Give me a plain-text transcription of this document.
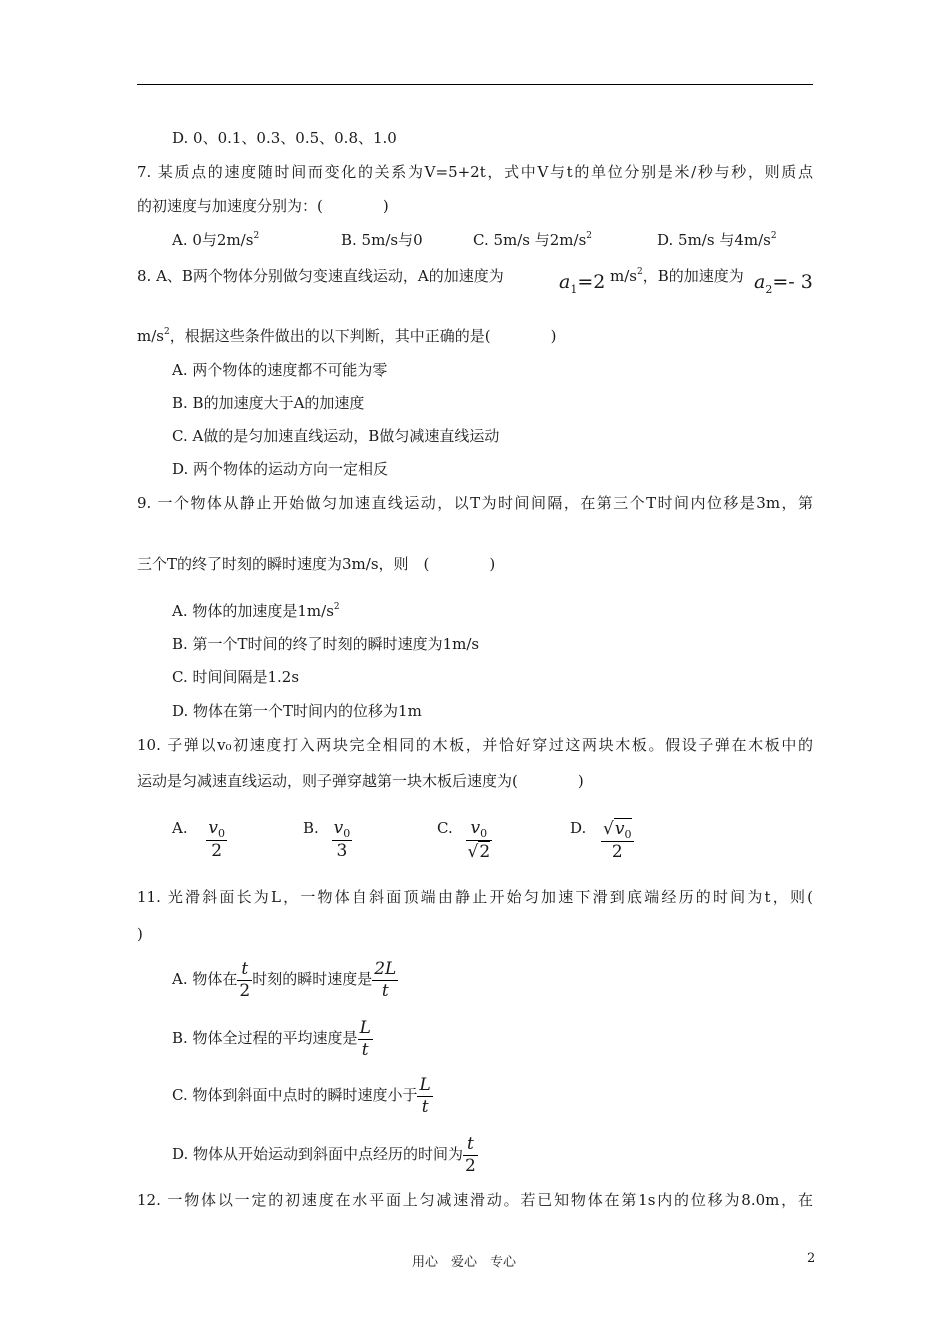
D. 0、0.1、0.3、0.5、0.8、1.0
7. 某质点的速度随时间而变化的关系为V=5+2t，式中V与t的单位分别是米/秒与秒，则质点
的初速度与加速度分别为：(　　　　)
A. 0与$2m/s^2$	B. 5m/s与0	C. 5m/s 与$2m/s^2$	D. 5m/s 与$4m/s^2$
8. A、B两个物体分别做匀变速直线运动，A的加速度为	$a_1=2$ $m/s^2$，B的加速度为 $a_2=-$ 3
$m/s^2$，根据这些条件做出的以下判断，其中正确的是(　　　　)
A. 两个物体的速度都不可能为零
B. B的加速度大于A的加速度
C. A做的是匀加速直线运动，B做匀减速直线运动
D. 两个物体的运动方向一定相反
9. 一个物体从静止开始做匀加速直线运动，以T为时间间隔，在第三个T时间内位移是3m，第
三个T的终了时刻的瞬时速度为3m/s，则　(　　　　)
A. 物体的加速度是$1m/s^2$
B. 第一个T时间的终了时刻的瞬时速度为1m/s
C. 时间间隔是1.2s
D. 物体在第一个T时间内的位移为1m
10. 子弹以v₀初速度打入两块完全相同的木板，并恰好穿过这两块木板。假设子弹在木板中的
运动是匀减速直线运动，则子弹穿越第一块木板后速度为(　　　　)
A. $\frac{v_0}{2}$	B. $\frac{v_0}{3}$	C. $\frac{v_0}{√2}$	D. $\frac{√v_0}{2}$
11. 光滑斜面长为L，一物体自斜面顶端由静止开始匀加速下滑到底端经历的时间为t，则(
)
A. 物体在 $\frac{t}{2}$ 时刻的瞬时速度是 $\frac{2L}{t}$
B. 物体全过程的平均速度是 $\frac{L}{t}$
C. 物体到斜面中点时的瞬时速度小于 $\frac{L}{t}$
D. 物体从开始运动到斜面中点经历的时间为 $\frac{t}{2}$
12. 一物体以一定的初速度在水平面上匀减速滑动。若已知物体在第1s内的位移为8.0m，在
用心　爱心　专心	2
